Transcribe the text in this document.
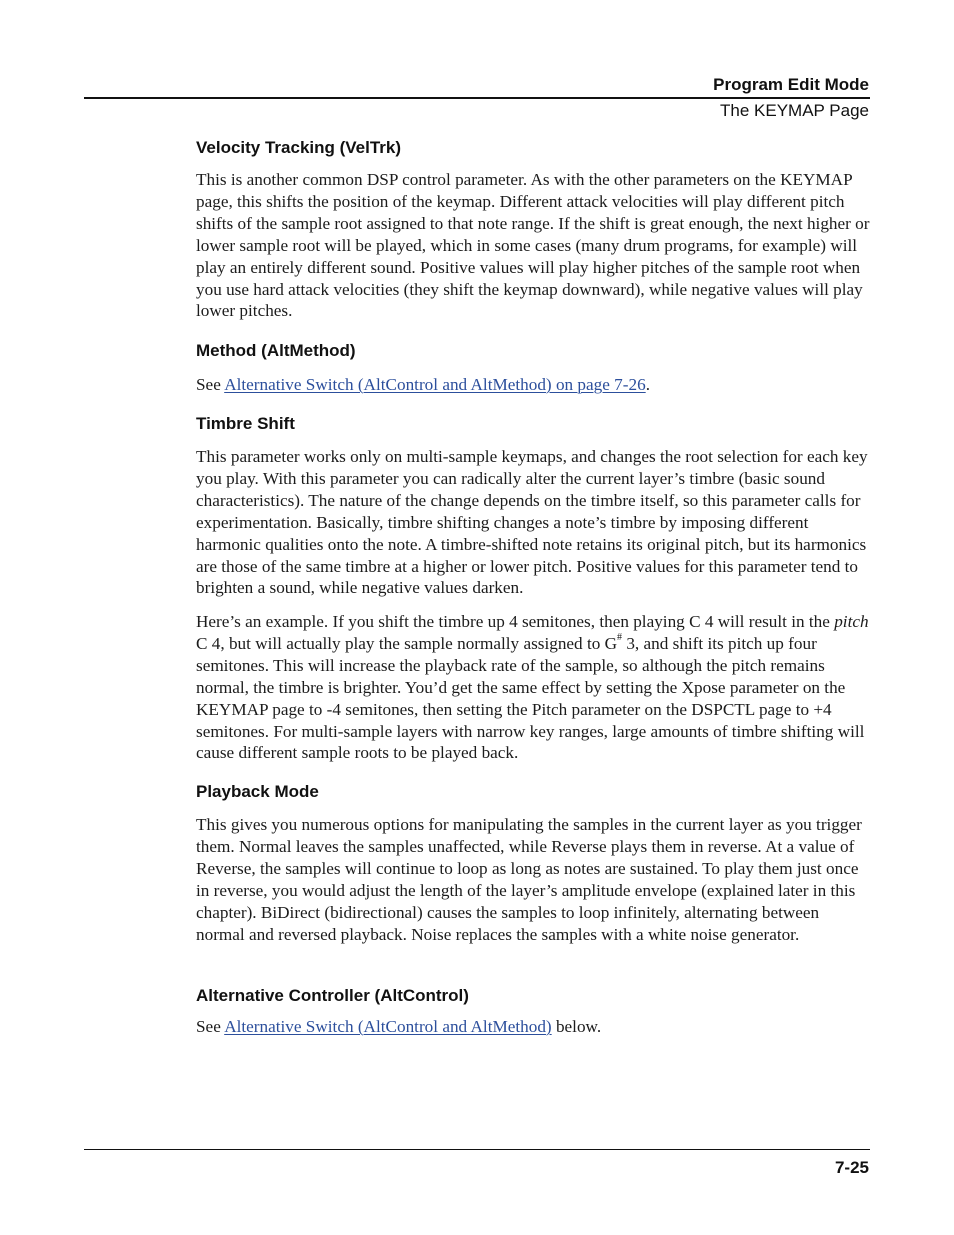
Program Edit Mode
The KEYMAP Page
Velocity Tracking (VelTrk)

This is another common DSP control parameter. As with the other parameters on the KEYMAP page, this shifts the position of the keymap. Different attack velocities will play different pitch shifts of the sample root assigned to that note range. If the shift is great enough, the next higher or lower sample root will be played, which in some cases (many drum programs, for example) will play an entirely different sound. Positive values will play higher pitches of the sample root when you use hard attack velocities (they shift the keymap downward), while negative values will play lower pitches.

Method (AltMethod)

See Alternative Switch (AltControl and AltMethod) on page 7-26.

Timbre Shift

This parameter works only on multi-sample keymaps, and changes the root selection for each key you play. With this parameter you can radically alter the current layer’s timbre (basic sound characteristics). The nature of the change depends on the timbre itself, so this parameter calls for experimentation. Basically, timbre shifting changes a note’s timbre by imposing different harmonic qualities onto the note. A timbre-shifted note retains its original pitch, but its harmonics are those of the same timbre at a higher or lower pitch. Positive values for this parameter tend to brighten a sound, while negative values darken.

Here’s an example. If you shift the timbre up 4 semitones, then playing C 4 will result in the pitch C 4, but will actually play the sample normally assigned to G# 3, and shift its pitch up four semitones. This will increase the playback rate of the sample, so although the pitch remains normal, the timbre is brighter. You’d get the same effect by setting the Xpose parameter on the KEYMAP page to -4 semitones, then setting the Pitch parameter on the DSPCTL page to +4 semitones. For multi-sample layers with narrow key ranges, large amounts of timbre shifting will cause different sample roots to be played back.

Playback Mode

This gives you numerous options for manipulating the samples in the current layer as you trigger them. Normal leaves the samples unaffected, while Reverse plays them in reverse. At a value of Reverse, the samples will continue to loop as long as notes are sustained. To play them just once in reverse, you would adjust the length of the layer’s amplitude envelope (explained later in this chapter). BiDirect (bidirectional) causes the samples to loop infinitely, alternating between normal and reversed playback. Noise replaces the samples with a white noise generator.

Alternative Controller (AltControl)

See Alternative Switch (AltControl and AltMethod) below.

7-25
